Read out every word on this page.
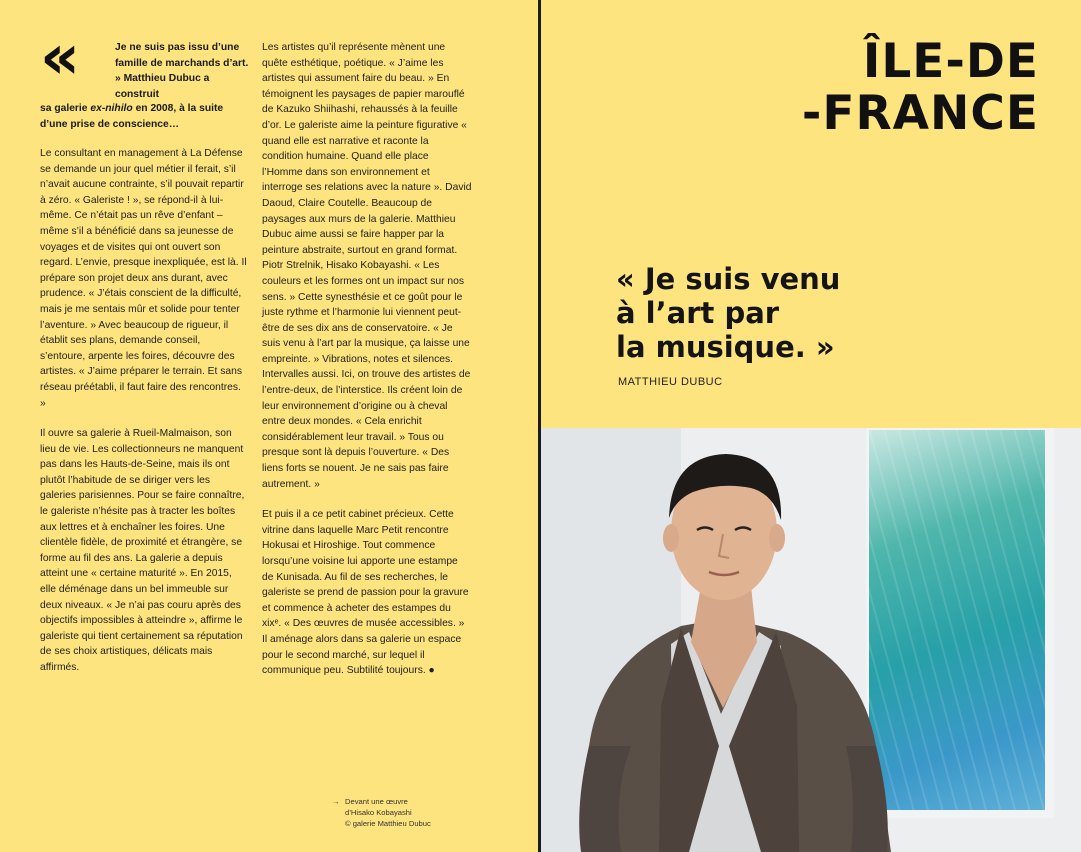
«	Je ne suis pas issu d’une famille de marchands d’art. » Matthieu Dubuc a construit
sa galerie ex-nihilo en 2008, à la suite d’une prise de conscience…

Le consultant en management à La Défense se demande un jour quel métier il ferait, s’il n’avait aucune contrainte, s’il pouvait repartir à zéro. « Galeriste ! », se répond-il à lui-même. Ce n’était pas un rêve d’enfant – même s’il a bénéficié dans sa jeunesse de voyages et de visites qui ont ouvert son regard. L’envie, presque inexpliquée, est là. Il prépare son projet deux ans durant, avec prudence. « J’étais conscient de la difficulté, mais je me sentais mûr et solide pour tenter l’aventure. » Avec beaucoup de rigueur, il établit ses plans, demande conseil, s’entoure, arpente les foires, découvre des artistes. « J’aime préparer le terrain. Et sans réseau préétabli, il faut faire des rencontres. »

Il ouvre sa galerie à Rueil-Malmaison, son lieu de vie. Les collectionneurs ne manquent pas dans les Hauts-de-Seine, mais ils ont plutôt l’habitude de se diriger vers les galeries parisiennes. Pour se faire connaître, le galeriste n’hésite pas à tracter les boîtes aux lettres et à enchaîner les foires. Une clientèle fidèle, de proximité et étrangère, se forme au fil des ans. La galerie a depuis atteint une « certaine maturité ». En 2015, elle déménage dans un bel immeuble sur deux niveaux. « Je n’ai pas couru après des objectifs impossibles à atteindre », affirme le galeriste qui tient certainement sa réputation de ses choix artistiques, délicats mais affirmés.

Les artistes qu’il représente mènent une quête esthétique, poétique. « J’aime les artistes qui assument faire du beau. » En témoignent les paysages de papier marouflé de Kazuko Shiihashi, rehaussés à la feuille d’or. Le galeriste aime la peinture figurative « quand elle est narrative et raconte la condition humaine. Quand elle place l’Homme dans son environnement et interroge ses relations avec la nature ». David Daoud, Claire Coutelle. Beaucoup de paysages aux murs de la galerie. Matthieu Dubuc aime aussi se faire happer par la peinture abstraite, surtout en grand format. Piotr Strelnik, Hisako Kobayashi. « Les couleurs et les formes ont un impact sur nos sens. » Cette synesthésie et ce goût pour le juste rythme et l’harmonie lui viennent peut-être de ses dix ans de conservatoire. « Je suis venu à l’art par la musique, ça laisse une empreinte. » Vibrations, notes et silences. Intervalles aussi. Ici, on trouve des artistes de l’entre-deux, de l’interstice. Ils créent loin de leur environnement d’origine ou à cheval entre deux mondes. « Cela enrichit considérablement leur travail. » Tous ou presque sont là depuis l’ouverture. « Des liens forts se nouent. Je ne sais pas faire autrement. »

Et puis il a ce petit cabinet précieux. Cette vitrine dans laquelle Marc Petit rencontre Hokusai et Hiroshige. Tout commence lorsqu’une voisine lui apporte une estampe de Kunisada. Au fil de ses recherches, le galeriste se prend de passion pour la gravure et commence à acheter des estampes du xixᵉ. « Des œuvres de musée accessibles. » Il aménage alors dans sa galerie un espace pour le second marché, sur lequel il communique peu. Subtilité toujours. ●

→ Devant une œuvre
d’Hisako Kobayashi
© galerie Matthieu Dubuc
ÎLE-DE
-FRANCE
« Je suis venu
à l’art par
la musique. »
MATTHIEU DUBUC
